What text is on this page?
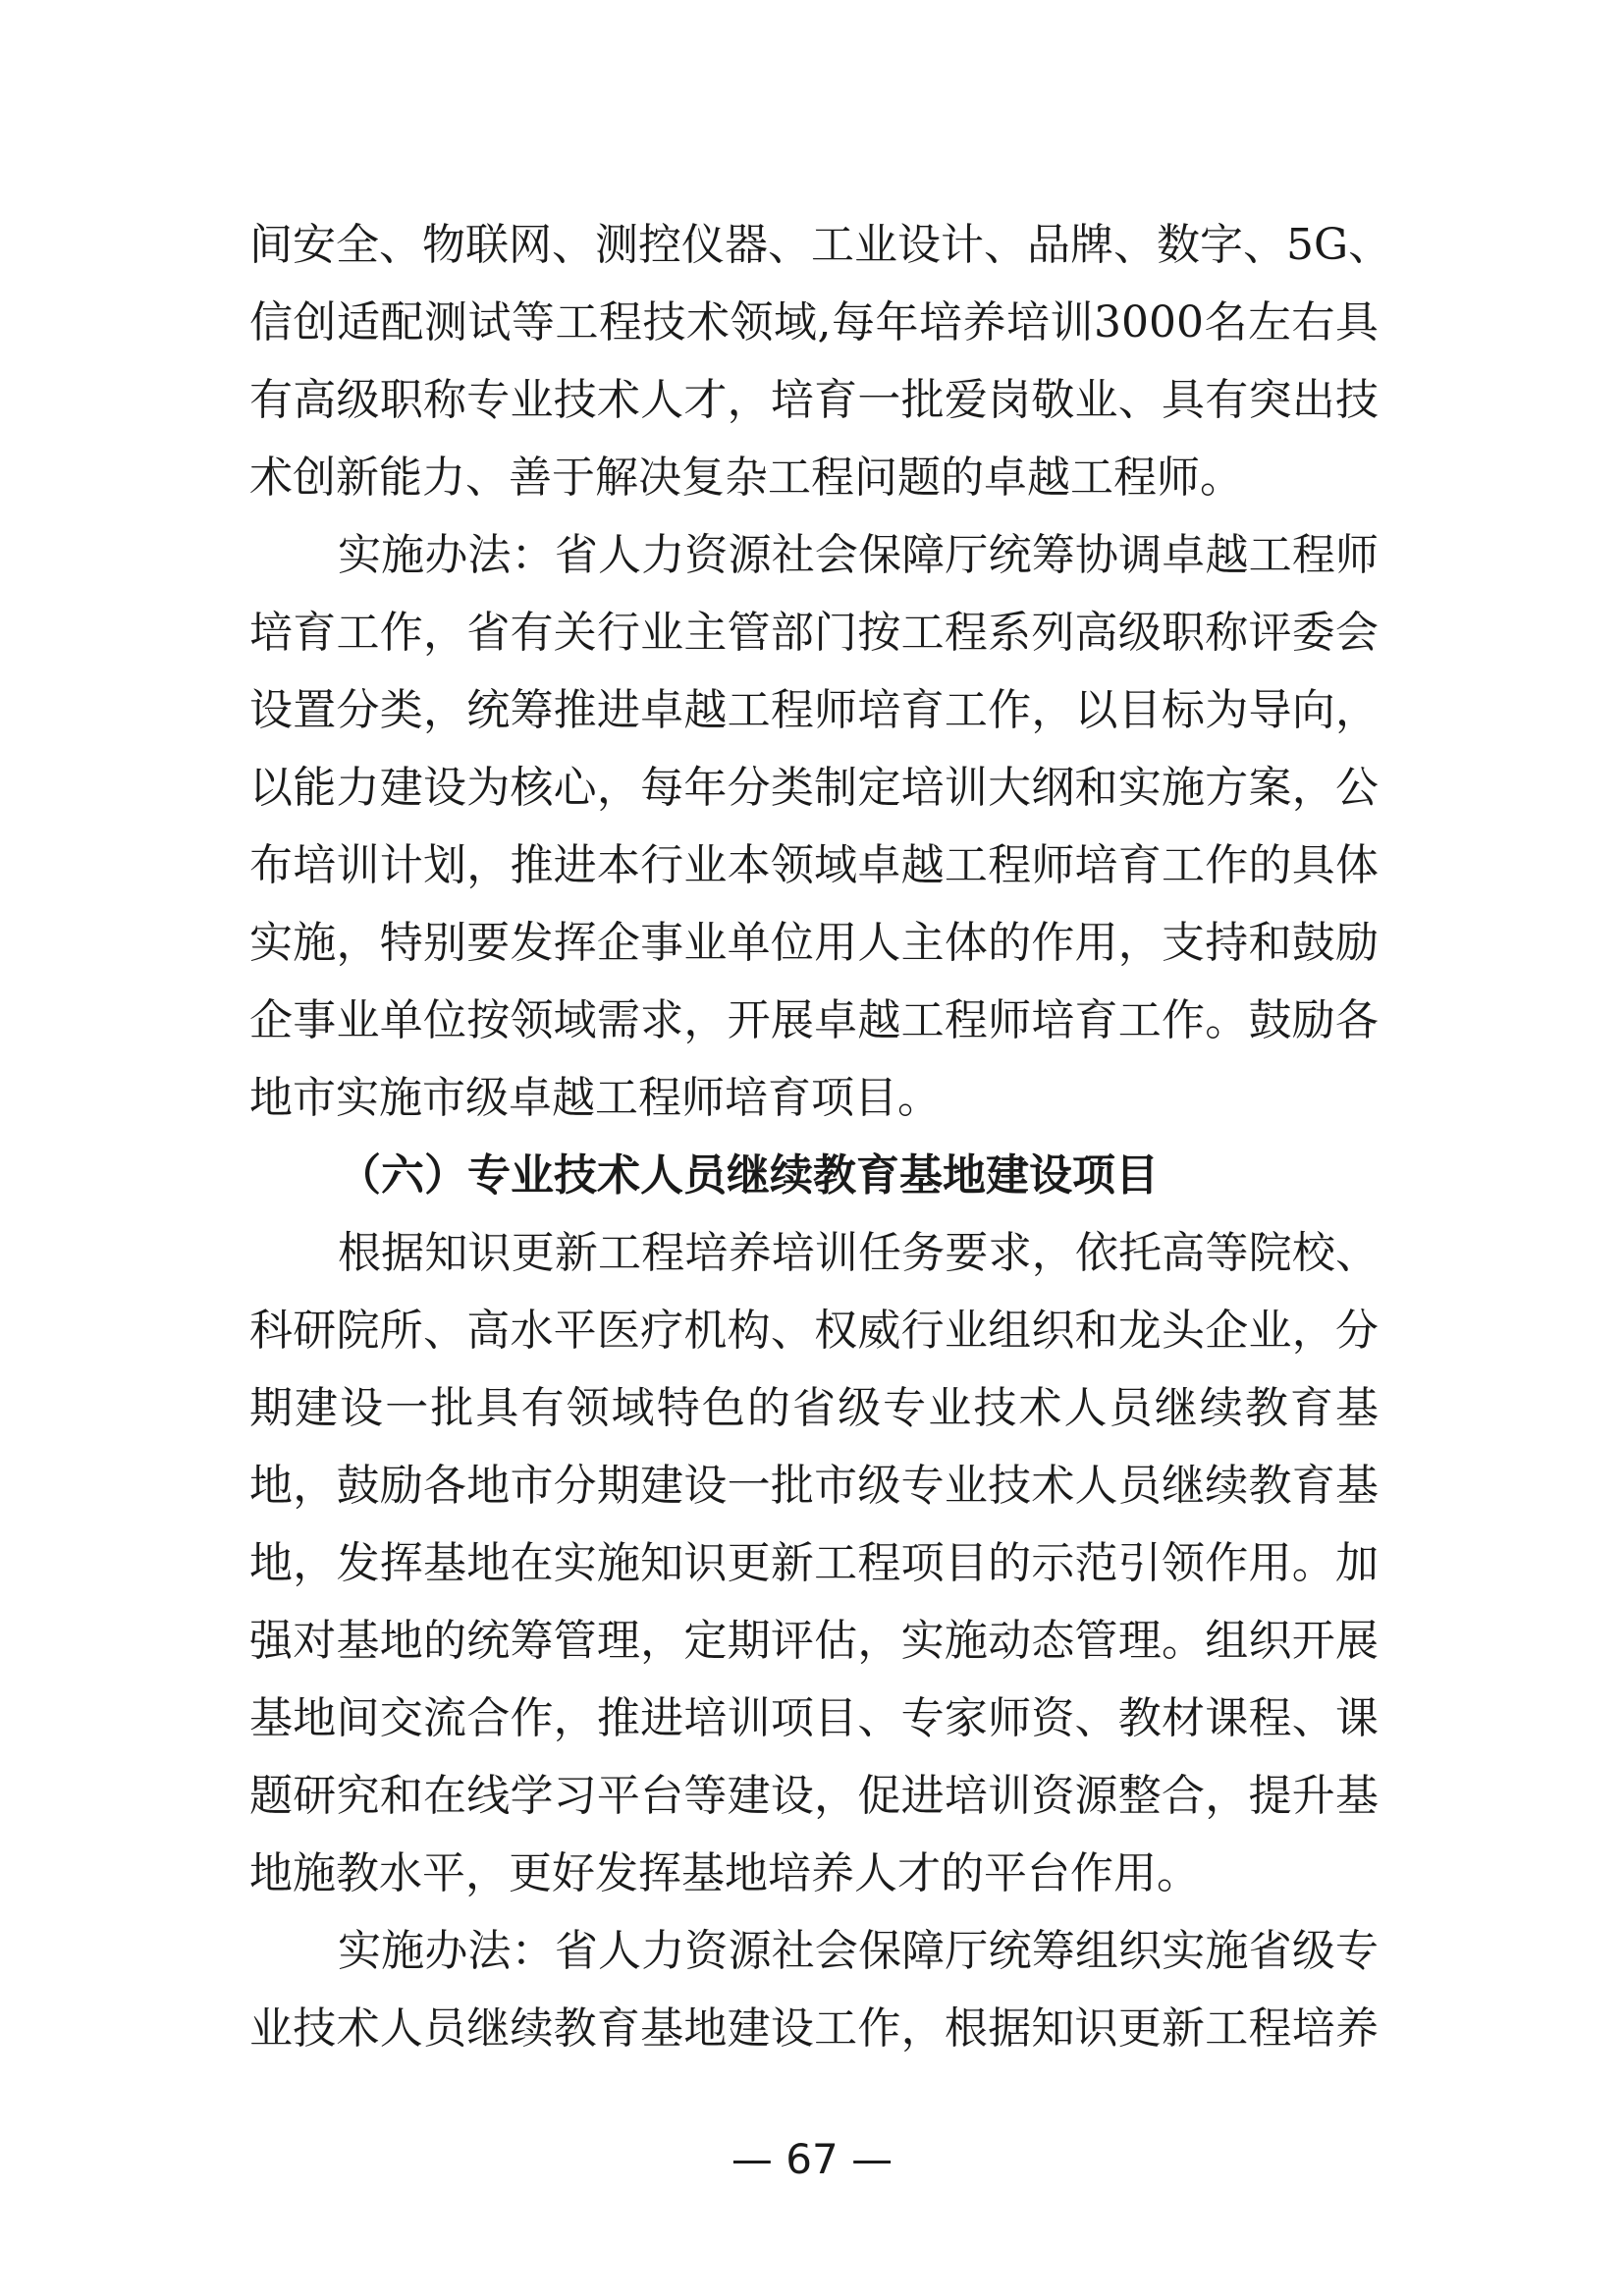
间安全、物联网、测控仪器、工业设计、品牌、数字、5G、
信创适配测试等工程技术领域,每年培养培训3000名左右具
有高级职称专业技术人才，培育一批爱岗敬业、具有突出技
术创新能力、善于解决复杂工程问题的卓越工程师。
实施办法：省人力资源社会保障厅统筹协调卓越工程师
培育工作，省有关行业主管部门按工程系列高级职称评委会
设置分类，统筹推进卓越工程师培育工作，以目标为导向，
以能力建设为核心，每年分类制定培训大纲和实施方案，公
布培训计划，推进本行业本领域卓越工程师培育工作的具体
实施，特别要发挥企事业单位用人主体的作用，支持和鼓励
企事业单位按领域需求，开展卓越工程师培育工作。鼓励各
地市实施市级卓越工程师培育项目。
（六）专业技术人员继续教育基地建设项目
根据知识更新工程培养培训任务要求，依托高等院校、
科研院所、高水平医疗机构、权威行业组织和龙头企业，分
期建设一批具有领域特色的省级专业技术人员继续教育基
地，鼓励各地市分期建设一批市级专业技术人员继续教育基
地，发挥基地在实施知识更新工程项目的示范引领作用。加
强对基地的统筹管理，定期评估，实施动态管理。组织开展
基地间交流合作，推进培训项目、专家师资、教材课程、课
题研究和在线学习平台等建设，促进培训资源整合，提升基
地施教水平，更好发挥基地培养人才的平台作用。
实施办法：省人力资源社会保障厅统筹组织实施省级专
业技术人员继续教育基地建设工作，根据知识更新工程培养
— 67 —
